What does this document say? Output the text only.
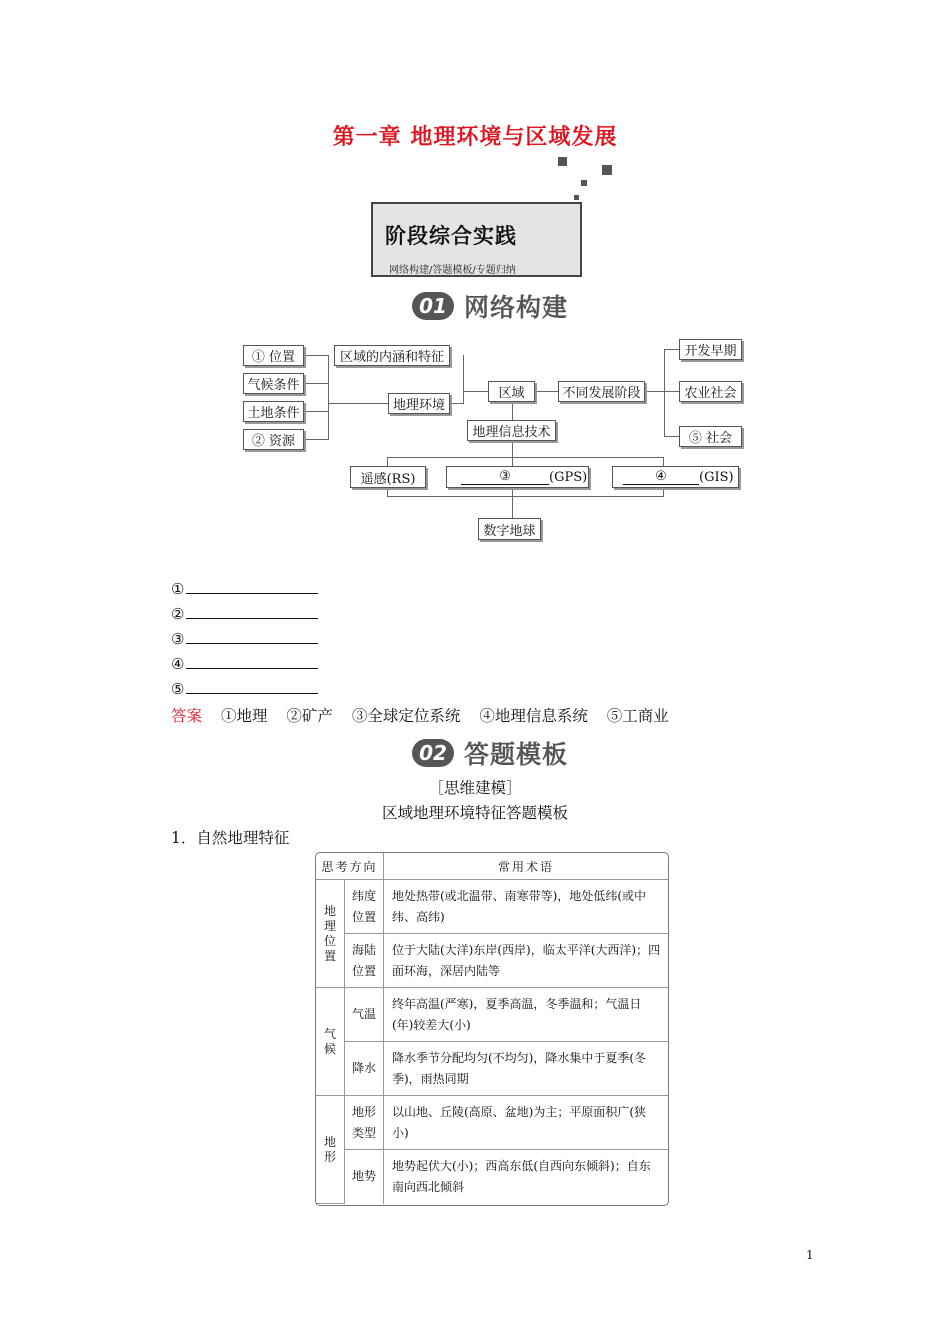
第一章 地理环境与区域发展
阶段综合实践
网络构建/答题模板/专题归纳
01 网络构建
① 位置
气候条件
土地条件
② 资源
区域的内涵和特征
地理环境
区域	不同发展阶段
开发早期
农业社会
⑤ 社会
地理信息技术
遥感(RS)	③	(GPS)	④	(GIS)
数字地球
①
②
③
④
⑤
答案 ①地理 ②矿产 ③全球定位系统 ④地理信息系统 ⑤工商业
02 答题模板
［思维建模］
区域地理环境特征答题模板
1．自然地理特征
思考方向		常用术语
地理位置	纬度位置	地处热带(或北温带、南寒带等)，地处低纬(或中纬、高纬)
	海陆位置	位于大陆(大洋)东岸(西岸)，临太平洋(大西洋)；四面环海，深居内陆等
气候	气温	终年高温(严寒)，夏季高温，冬季温和；气温日(年)较差大(小)
	降水	降水季节分配均匀(不均匀)，降水集中于夏季(冬季)，雨热同期
地形	地形类型	以山地、丘陵(高原、盆地)为主；平原面积广(狭小)
	地势	地势起伏大(小)；西高东低(自西向东倾斜)；自东南向西北倾斜
1
